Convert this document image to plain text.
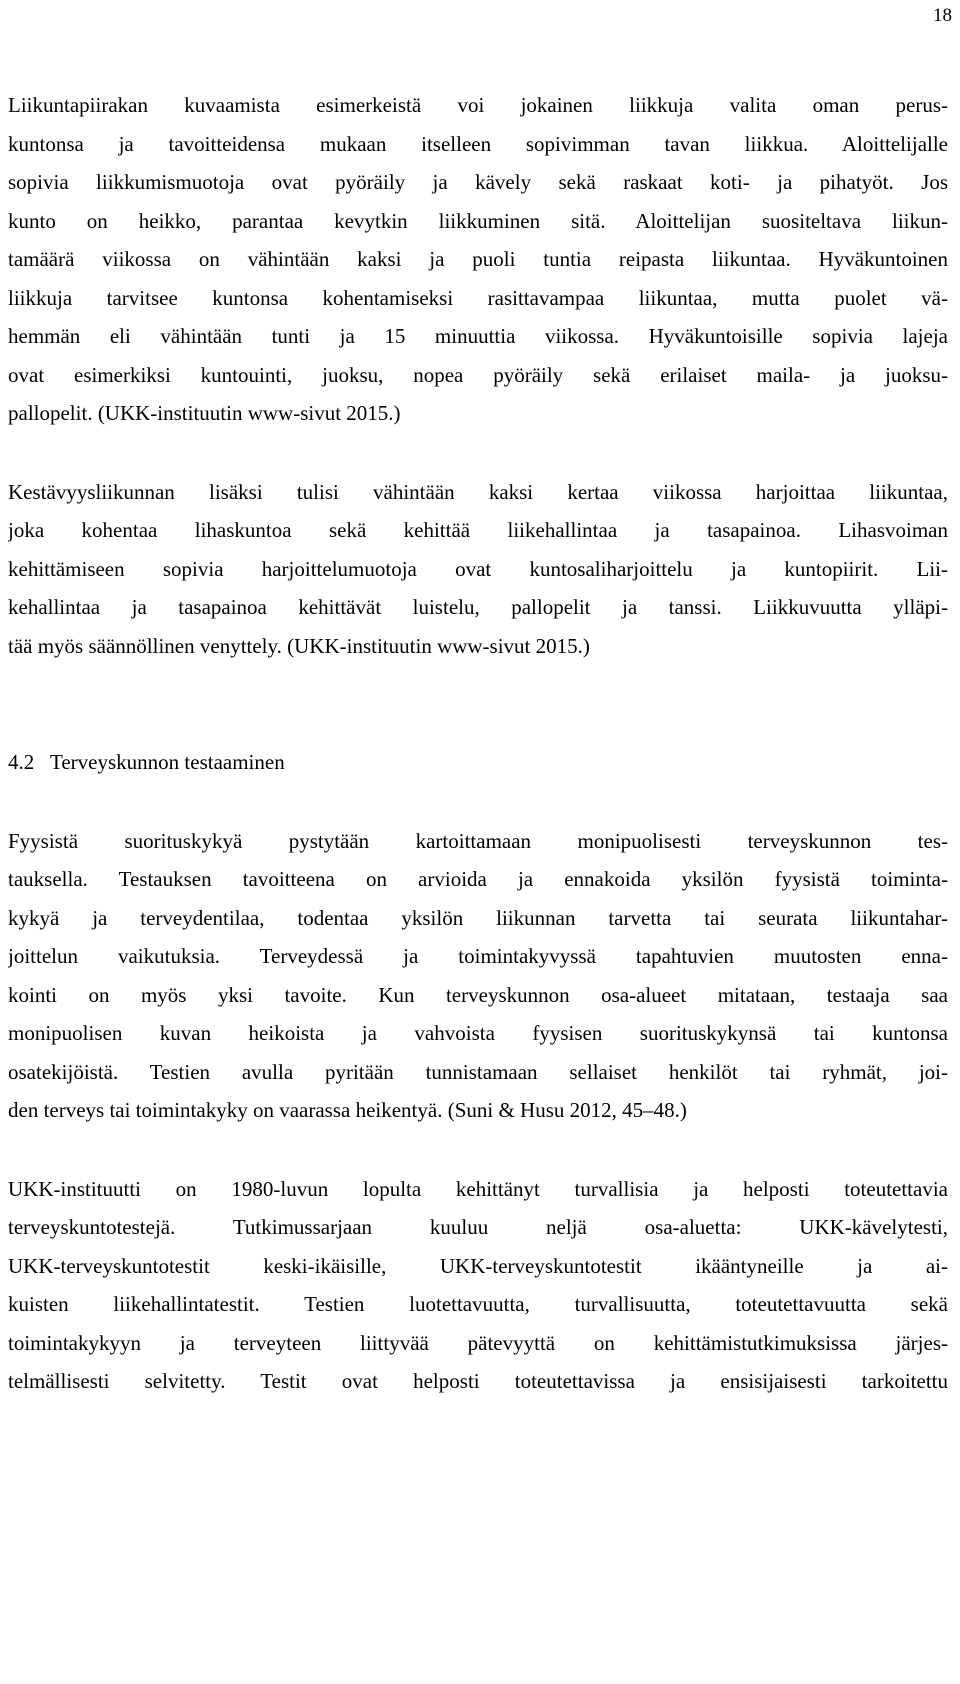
18

Liikuntapiirakan kuvaamista esimerkeistä voi jokainen liikkuja valita oman perus-
kuntonsa ja tavoitteidensa mukaan itselleen sopivimman tavan liikkua. Aloittelijalle
sopivia liikkumismuotoja ovat pyöräily ja kävely sekä raskaat koti- ja pihatyöt. Jos
kunto on heikko, parantaa kevytkin liikkuminen sitä. Aloittelijan suositeltava liikun-
tamäärä viikossa on vähintään kaksi ja puoli tuntia reipasta liikuntaa. Hyväkuntoinen
liikkuja tarvitsee kuntonsa kohentamiseksi rasittavampaa liikuntaa, mutta puolet vä-
hemmän eli vähintään tunti ja 15 minuuttia viikossa. Hyväkuntoisille sopivia lajeja
ovat esimerkiksi kuntouinti, juoksu, nopea pyöräily sekä erilaiset maila- ja juoksu-
pallopelit. (UKK-instituutin www-sivut 2015.)

Kestävyysliikunnan lisäksi tulisi vähintään kaksi kertaa viikossa harjoittaa liikuntaa,
joka kohentaa lihaskuntoa sekä kehittää liikehallintaa ja tasapainoa. Lihasvoiman
kehittämiseen sopivia harjoittelumuotoja ovat kuntosaliharjoittelu ja kuntopiirit. Lii-
kehallintaa ja tasapainoa kehittävät luistelu, pallopelit ja tanssi. Liikkuvuutta ylläpi-
tää myös säännöllinen venyttely. (UKK-instituutin www-sivut 2015.)

4.2 Terveyskunnon testaaminen

Fyysistä suorituskykyä pystytään kartoittamaan monipuolisesti terveyskunnon tes-
tauksella. Testauksen tavoitteena on arvioida ja ennakoida yksilön fyysistä toiminta-
kykyä ja terveydentilaa, todentaa yksilön liikunnan tarvetta tai seurata liikuntahar-
joittelun vaikutuksia. Terveydessä ja toimintakyvyssä tapahtuvien muutosten enna-
kointi on myös yksi tavoite. Kun terveyskunnon osa-alueet mitataan, testaaja saa
monipuolisen kuvan heikoista ja vahvoista fyysisen suorituskykynsä tai kuntonsa
osatekijöistä. Testien avulla pyritään tunnistamaan sellaiset henkilöt tai ryhmät, joi-
den terveys tai toimintakyky on vaarassa heikentyä. (Suni & Husu 2012, 45–48.)

UKK-instituutti on 1980-luvun lopulta kehittänyt turvallisia ja helposti toteutettavia
terveyskuntotestejä. Tutkimussarjaan kuuluu neljä osa-aluetta: UKK-kävelytesti,
UKK-terveyskuntotestit keski-ikäisille, UKK-terveyskuntotestit ikääntyneille ja ai-
kuisten liikehallintatestit. Testien luotettavuutta, turvallisuutta, toteutettavuutta sekä
toimintakykyyn ja terveyteen liittyvää pätevyyttä on kehittämistutkimuksissa järjes-
telmällisesti selvitetty. Testit ovat helposti toteutettavissa ja ensisijaisesti tarkoitettu
